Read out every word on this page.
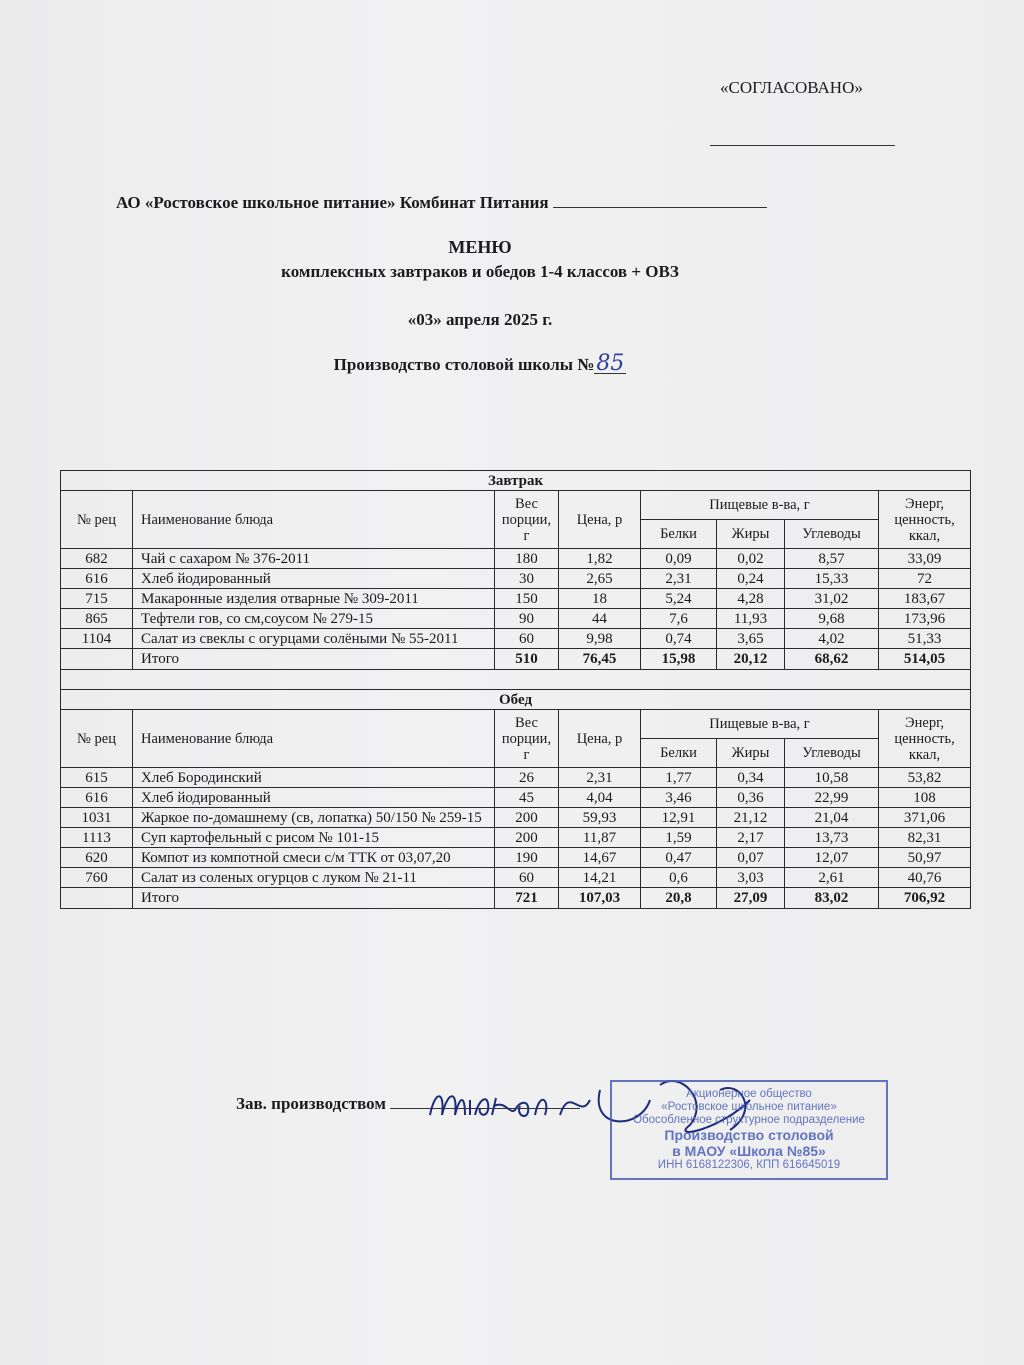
«СОГЛАСОВАНО»
АО «Ростовское школьное питание» Комбинат Питания
МЕНЮ
комплексных завтраков и обедов 1-4 классов + ОВЗ
«03» апреля 2025 г.
Производство столовой школы №85
Завтрак							
№ рец	Наименование блюда	Вес порции, г	Цена, р	Пищевые в-ва, г			Энерг, ценность, ккал,
				Белки	Жиры	Углеводы	
682	Чай с сахаром № 376-2011	180	1,82	0,09	0,02	8,57	33,09
616	Хлеб йодированный	30	2,65	2,31	0,24	15,33	72
715	Макаронные изделия отварные № 309-2011	150	18	5,24	4,28	31,02	183,67
865	Тефтели гов, со см,соусом № 279-15	90	44	7,6	11,93	9,68	173,96
1104	Салат из свеклы с огурцами солёными № 55-2011	60	9,98	0,74	3,65	4,02	51,33
	Итого	510	76,45	15,98	20,12	68,62	514,05

Обед							
№ рец	Наименование блюда	Вес порции, г	Цена, р	Пищевые в-ва, г			Энерг, ценность, ккал,
				Белки	Жиры	Углеводы	
615	Хлеб Бородинский	26	2,31	1,77	0,34	10,58	53,82
616	Хлеб йодированный	45	4,04	3,46	0,36	22,99	108
1031	Жаркое по-домашнему (св, лопатка) 50/150 № 259-15	200	59,93	12,91	21,12	21,04	371,06
1113	Суп картофельный с рисом № 101-15	200	11,87	1,59	2,17	13,73	82,31
620	Компот из компотной смеси с/м ТТК от 03,07,20	190	14,67	0,47	0,07	12,07	50,97
760	Салат из соленых огурцов с луком № 21-11	60	14,21	0,6	3,03	2,61	40,76
	Итого	721	107,03	20,8	27,09	83,02	706,92
Зав. производством	Акционерное общество
«Ростовское школьное питание»
Обособленное структурное подразделение
Производство столовой
в МАОУ «Школа №85»
ИНН 6168122306, КПП 616645019
